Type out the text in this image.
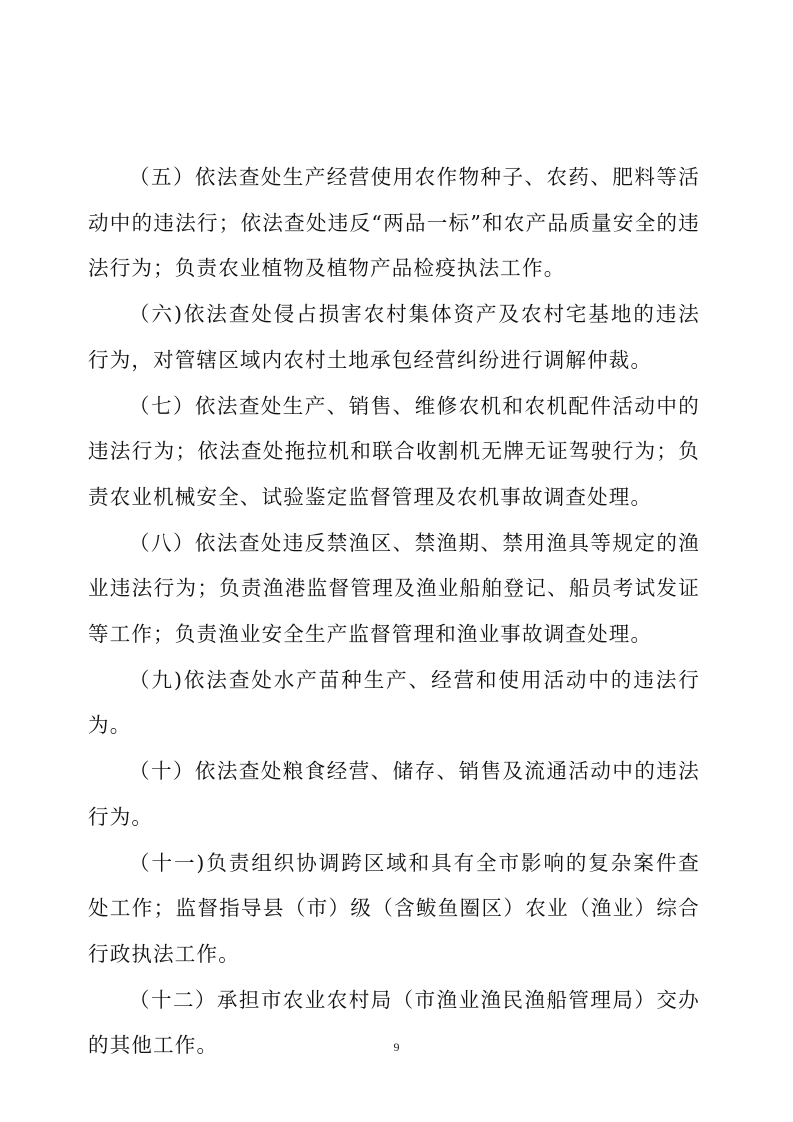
（五）依法查处生产经营使用农作物种子、农药、肥料等活动中的违法行；依法查处违反“两品一标”和农产品质量安全的违法行为；负责农业植物及植物产品检疫执法工作。

（六)依法查处侵占损害农村集体资产及农村宅基地的违法行为，对管辖区域内农村土地承包经营纠纷进行调解仲裁。

（七）依法查处生产、销售、维修农机和农机配件活动中的违法行为；依法查处拖拉机和联合收割机无牌无证驾驶行为；负责农业机械安全、试验鉴定监督管理及农机事故调查处理。

（八）依法查处违反禁渔区、禁渔期、禁用渔具等规定的渔业违法行为；负责渔港监督管理及渔业船舶登记、船员考试发证等工作；负责渔业安全生产监督管理和渔业事故调查处理。

（九)依法查处水产苗种生产、经营和使用活动中的违法行为。

（十）依法查处粮食经营、储存、销售及流通活动中的违法行为。

（十一)负责组织协调跨区域和具有全市影响的复杂案件查处工作；监督指导县（市）级（含鲅鱼圈区）农业（渔业）综合行政执法工作。

（十二）承担市农业农村局（市渔业渔民渔船管理局）交办的其他工作。	9
